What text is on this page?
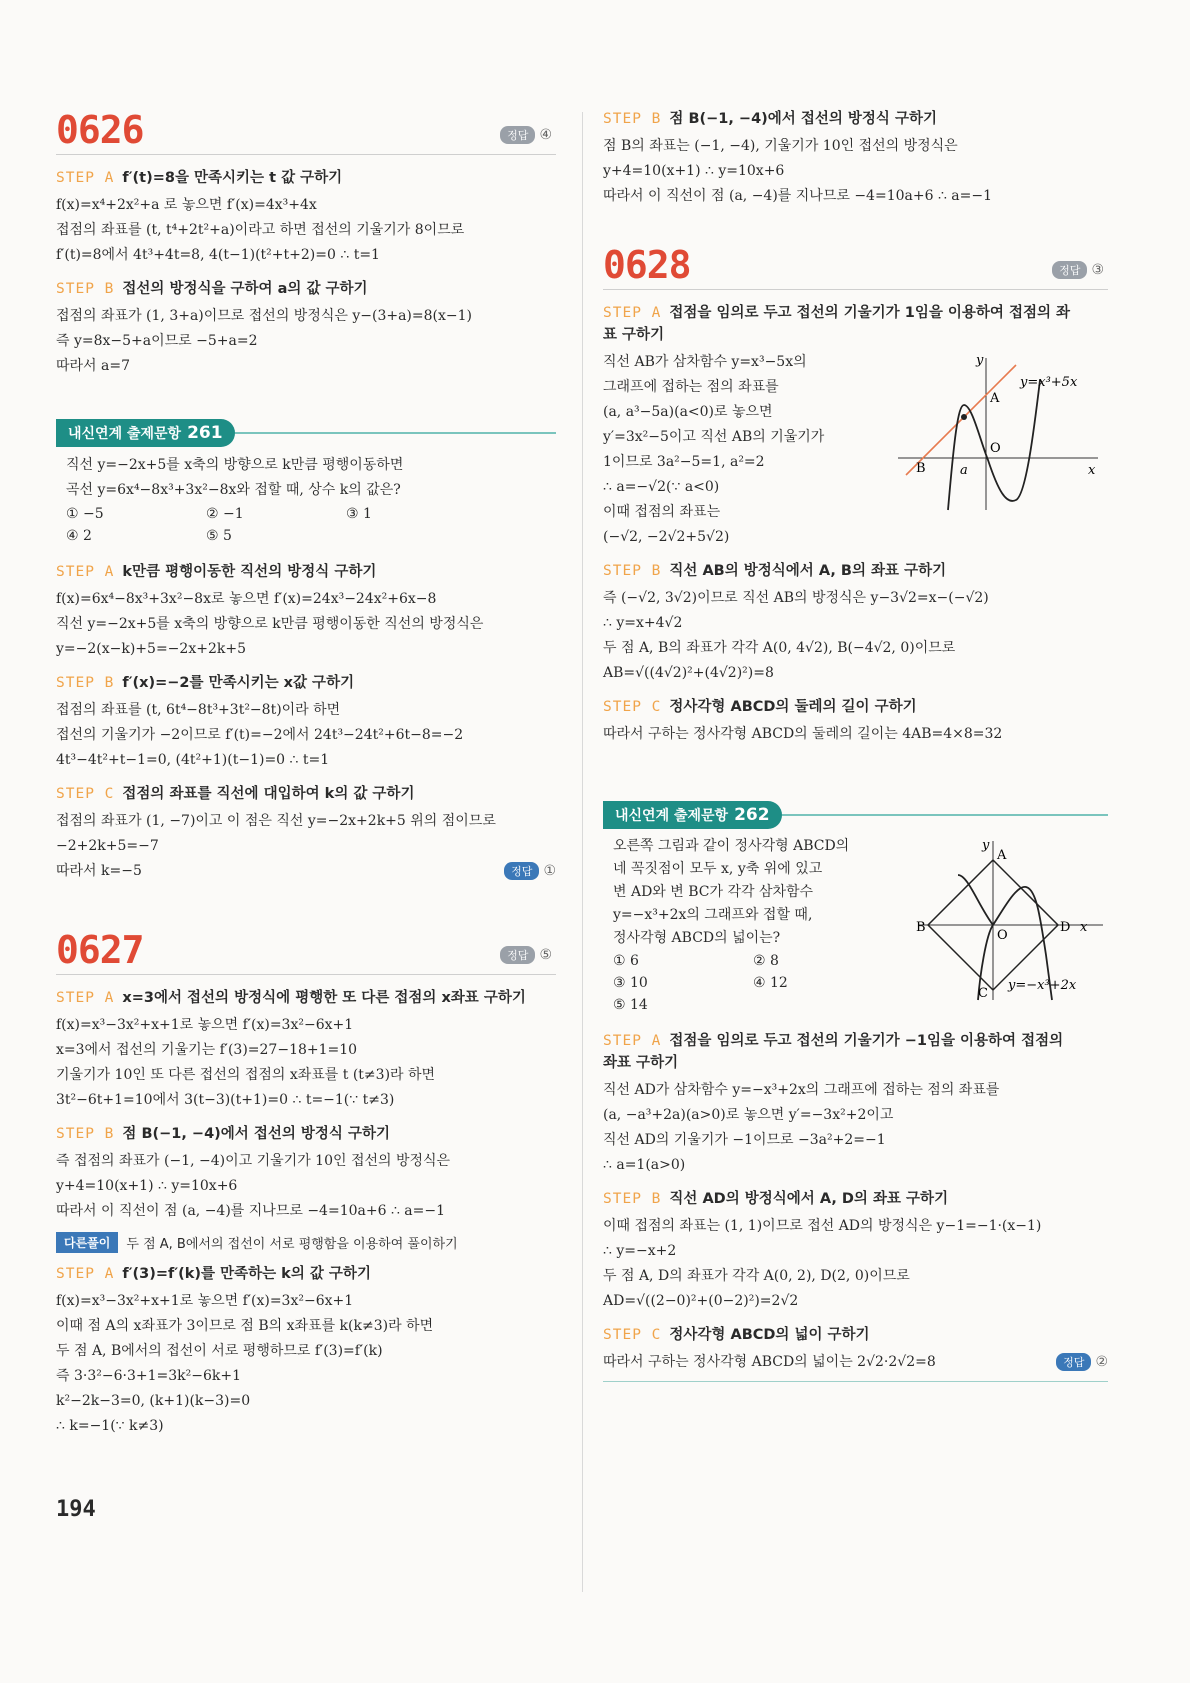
0626	정답 ④
STEP A f′(t)=8을 만족시키는 t 값 구하기
f(x)=x⁴+2x²+a 로 놓으면 f′(x)=4x³+4x
접점의 좌표를 (t, t⁴+2t²+a)이라고 하면 접선의 기울기가 8이므로
f′(t)=8에서 4t³+4t=8, 4(t−1)(t²+t+2)=0 ∴ t=1
STEP B 접선의 방정식을 구하여 a의 값 구하기
접점의 좌표가 (1, 3+a)이므로 접선의 방정식은 y−(3+a)=8(x−1)
즉 y=8x−5+a이므로 −5+a=2
따라서 a=7
내신연계 출제문항 261
직선 y=−2x+5를 x축의 방향으로 k만큼 평행이동하면
곡선 y=6x⁴−8x³+3x²−8x와 접할 때, 상수 k의 값은?
① −5	② −1	③ 1
④ 2	⑤ 5
STEP A k만큼 평행이동한 직선의 방정식 구하기
f(x)=6x⁴−8x³+3x²−8x로 놓으면 f′(x)=24x³−24x²+6x−8
직선 y=−2x+5를 x축의 방향으로 k만큼 평행이동한 직선의 방정식은
y=−2(x−k)+5=−2x+2k+5
STEP B f′(x)=−2를 만족시키는 x값 구하기
접점의 좌표를 (t, 6t⁴−8t³+3t²−8t)이라 하면
접선의 기울기가 −2이므로 f′(t)=−2에서 24t³−24t²+6t−8=−2
4t³−4t²+t−1=0, (4t²+1)(t−1)=0 ∴ t=1
STEP C 접점의 좌표를 직선에 대입하여 k의 값 구하기
접점의 좌표가 (1, −7)이고 이 점은 직선 y=−2x+2k+5 위의 점이므로
−2+2k+5=−7
따라서 k=−5	정답 ①
0627	정답 ⑤
STEP A x=3에서 접선의 방정식에 평행한 또 다른 접점의 x좌표 구하기
f(x)=x³−3x²+x+1로 놓으면 f′(x)=3x²−6x+1
x=3에서 접선의 기울기는 f′(3)=27−18+1=10
기울기가 10인 또 다른 접선의 접점의 x좌표를 t (t≠3)라 하면
3t²−6t+1=10에서 3(t−3)(t+1)=0 ∴ t=−1(∵ t≠3)
STEP B 점 B(−1, −4)에서 접선의 방정식 구하기
즉 접점의 좌표가 (−1, −4)이고 기울기가 10인 접선의 방정식은
y+4=10(x+1) ∴ y=10x+6
따라서 이 직선이 점 (a, −4)를 지나므로 −4=10a+6 ∴ a=−1
다른풀이	두 점 A, B에서의 접선이 서로 평행함을 이용하여 풀이하기
STEP A f′(3)=f′(k)를 만족하는 k의 값 구하기
f(x)=x³−3x²+x+1로 놓으면 f′(x)=3x²−6x+1
이때 점 A의 x좌표가 3이므로 점 B의 x좌표를 k(k≠3)라 하면
두 점 A, B에서의 접선이 서로 평행하므로 f′(3)=f′(k)
즉 3·3²−6·3+1=3k²−6k+1
k²−2k−3=0, (k+1)(k−3)=0
∴ k=−1(∵ k≠3)
194
STEP B 점 B(−1, −4)에서 접선의 방정식 구하기
점 B의 좌표는 (−1, −4), 기울기가 10인 접선의 방정식은
y+4=10(x+1) ∴ y=10x+6
따라서 이 직선이 점 (a, −4)를 지나므로 −4=10a+6 ∴ a=−1
0628	정답 ③
STEP A 접점을 임의로 두고 접선의 기울기가 1임을 이용하여 접점의 좌표 구하기
직선 AB가 삼차함수 y=x³−5x의
그래프에 접하는 점의 좌표를
(a, a³−5a)(a<0)로 놓으면
y′=3x²−5이고 직선 AB의 기울기가
1이므로 3a²−5=1, a²=2
∴ a=−√2(∵ a<0)
이때 접점의 좌표는
(−√2, −2√2+5√2)
y
A
B	a
O
x
y=x³+5x
STEP B 직선 AB의 방정식에서 A, B의 좌표 구하기
즉 (−√2, 3√2)이므로 직선 AB의 방정식은 y−3√2=x−(−√2)
∴ y=x+4√2
두 점 A, B의 좌표가 각각 A(0, 4√2), B(−4√2, 0)이므로
AB=√((4√2)²+(4√2)²)=8
STEP C 정사각형 ABCD의 둘레의 길이 구하기
따라서 구하는 정사각형 ABCD의 둘레의 길이는 4AB=4×8=32
내신연계 출제문항 262
오른쪽 그림과 같이 정사각형 ABCD의
네 꼭짓점이 모두 x, y축 위에 있고
변 AD와 변 BC가 각각 삼차함수
y=−x³+2x의 그래프와 접할 때,
정사각형 ABCD의 넓이는?
① 6	② 8
③ 10	④ 12
⑤ 14
y
A
B
O
D x
C
y=−x³+2x
STEP A 접점을 임의로 두고 접선의 기울기가 −1임을 이용하여 접점의 좌표 구하기
직선 AD가 삼차함수 y=−x³+2x의 그래프에 접하는 점의 좌표를
(a, −a³+2a)(a>0)로 놓으면 y′=−3x²+2이고
직선 AD의 기울기가 −1이므로 −3a²+2=−1
∴ a=1(a>0)
STEP B 직선 AD의 방정식에서 A, D의 좌표 구하기
이때 접점의 좌표는 (1, 1)이므로 접선 AD의 방정식은 y−1=−1·(x−1)
∴ y=−x+2
두 점 A, D의 좌표가 각각 A(0, 2), D(2, 0)이므로
AD=√((2−0)²+(0−2)²)=2√2
STEP C 정사각형 ABCD의 넓이 구하기
따라서 구하는 정사각형 ABCD의 넓이는 2√2·2√2=8	정답 ②
